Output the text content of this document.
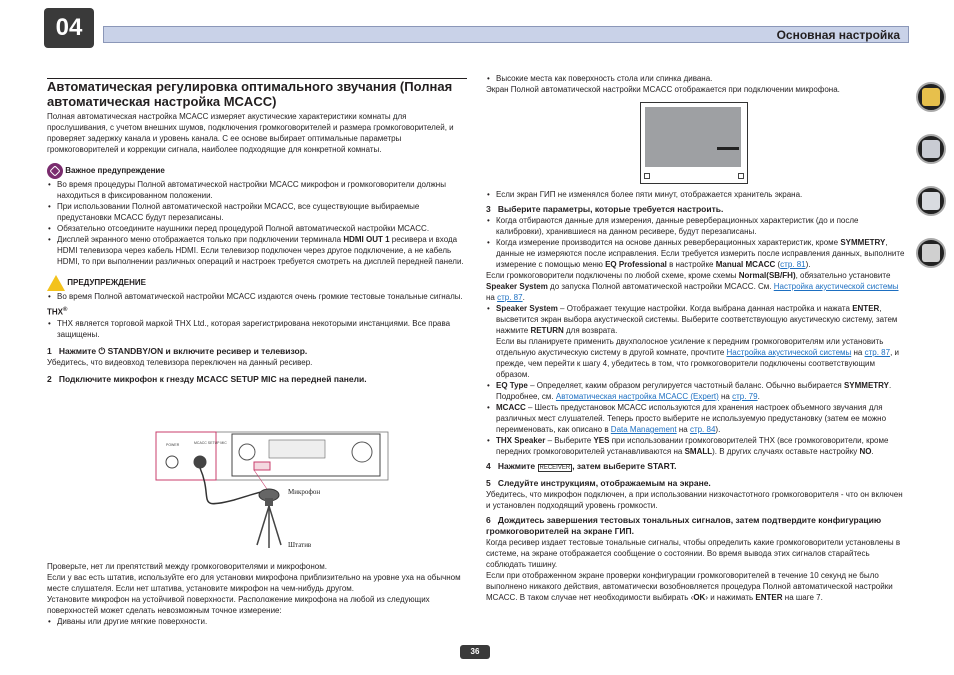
04	Основная настройка
Автоматическая регулировка оптимального звучания (Полная автоматическая настройка MCACC)

Полная автоматическая настройка MCACC измеряет акустические характеристики комнаты для прослушивания, с учетом внешних шумов, подключения громкоговорителей и размера громкоговорителей, и проверяет задержку канала и уровень канала. С ее основе выбирает оптимальные параметры громкоговорителей и коррекции сигнала, наиболее подходящие для конкретной комнаты.

Важное предупреждение
• Во время процедуры Полной автоматической настройки MCACC микрофон и громкоговорители должны находиться в фиксированном положении.
• При использовании Полной автоматической настройки MCACC, все существующие выбираемые предустановки MCACC будут перезаписаны.
• Обязательно отсоедините наушники перед процедурой Полной автоматической настройки MCACC.
• Дисплей экранного меню отображается только при подключении терминала HDMI OUT 1 ресивера и входа HDMI телевизора через кабель HDMI. Если телевизор подключен через другое подключение, а не кабель HDMI, то при выполнении различных операций и настроек требуется смотреть на дисплей передней панели.
ПРЕДУПРЕЖДЕНИЕ
• Во время Полной автоматической настройки MCACC издаются очень громкие тестовые тональные сигналы.
THX®
• THX является торговой маркой THX Ltd., которая зарегистрирована некоторыми инстанциями. Все права защищены.
1 Нажмите ⏻ STANDBY/ON и включите ресивер и телевизор.

Убедитесь, что видеовход телевизора переключен на данный ресивер.

2 Подключите микрофон к гнезду MCACC SETUP MIC на передней панели.
POWER	MCACC SETUP MIC
Микрофон
Штатив

Проверьте, нет ли препятствий между громкоговорителями и микрофоном.

Если у вас есть штатив, используйте его для установки микрофона приблизительно на уровне уха на обычном месте слушателя. Если нет штатива, установите микрофон на чем-нибудь другом.

Установите микрофон на устойчивой поверхности. Расположение микрофона на любой из следующих поверхностей может сделать невозможным точное измерение:

• Диваны или другие мягкие поверхности.
• Высокие места как поверхность стола или спинка дивана.

Экран Полной автоматической настройки MCACC отображается при подключении микрофона.

• Если экран ГИП не изменялся более пяти минут, отображается хранитель экрана.
3 Выберите параметры, которые требуется настроить.
• Когда отбираются данные для измерения, данные реверберационных характеристик (до и после калибровки), хранившиеся на данном ресивере, будут перезаписаны.
• Когда измерение производится на основе данных реверберационных характеристик, кроме SYMMETRY, данные не измеряются после исправления. Если требуется измерить после исправления данных, выполните измерение с помощью меню EQ Professional в настройке Manual MCACC (стр. 81).

Если громкоговорители подключены по любой схеме, кроме схемы Normal(SB/FH), обязательно установите Speaker System до запуска Полной автоматической настройки MCACC. См. Настройка акустической системы на стр. 87.

• Speaker System – Отображает текущие настройки. Когда выбрана данная настройка и нажата ENTER, высветится экран выбора акустической системы. Выберите соответствующую акустическую систему, затем нажмите RETURN для возврата.
Если вы планируете применить двухполосное усиление к передним громкоговорителям или установить отдельную акустическую систему в другой комнате, прочтите Настройка акустической системы на стр. 87, и прежде, чем перейти к шагу 4, убедитесь в том, что громкоговорители подключены соответствующим образом.
• EQ Type – Определяет, каким образом регулируется частотный баланс. Обычно выбирается SYMMETRY. Подробнее, см. Автоматическая настройка MCACC (Expert) на стр. 79.
• MCACC – Шесть предустановок MCACC используются для хранения настроек объемного звучания для различных мест слушателей. Теперь просто выберите не используемую предустановку (затем ее можно переименовать, как описано в Data Management на стр. 84).
• THX Speaker – Выберите YES при использовании громкоговорителей THX (все громкоговорители, кроме передних громкоговорителей устанавливаются на SMALL). В других случаях оставьте настройку NO.
4 Нажмите RECEIVER , затем выберите START.
5 Следуйте инструкциям, отображаемым на экране.

Убедитесь, что микрофон подключен, а при использовании низкочастотного громкоговорителя - что он включен и установлен подходящий уровень громкости.

6 Дождитесь завершения тестовых тональных сигналов, затем подтвердите конфигурацию громкоговорителей на экране ГИП.

Когда ресивер издает тестовые тональные сигналы, чтобы определить какие громкоговорители установлены в системе, на экране отображается сообщение о состоянии. Во время вывода этих сигналов старайтесь соблюдать тишину.

Если при отображенном экране проверки конфигурации громкоговорителей в течение 10 секунд не было выполнено никакого действия, автоматически возобновляется процедура Полной автоматической настройки MCACC. В таком случае нет необходимости выбирать ‹OK› и нажимать ENTER на шаге 7.

36
